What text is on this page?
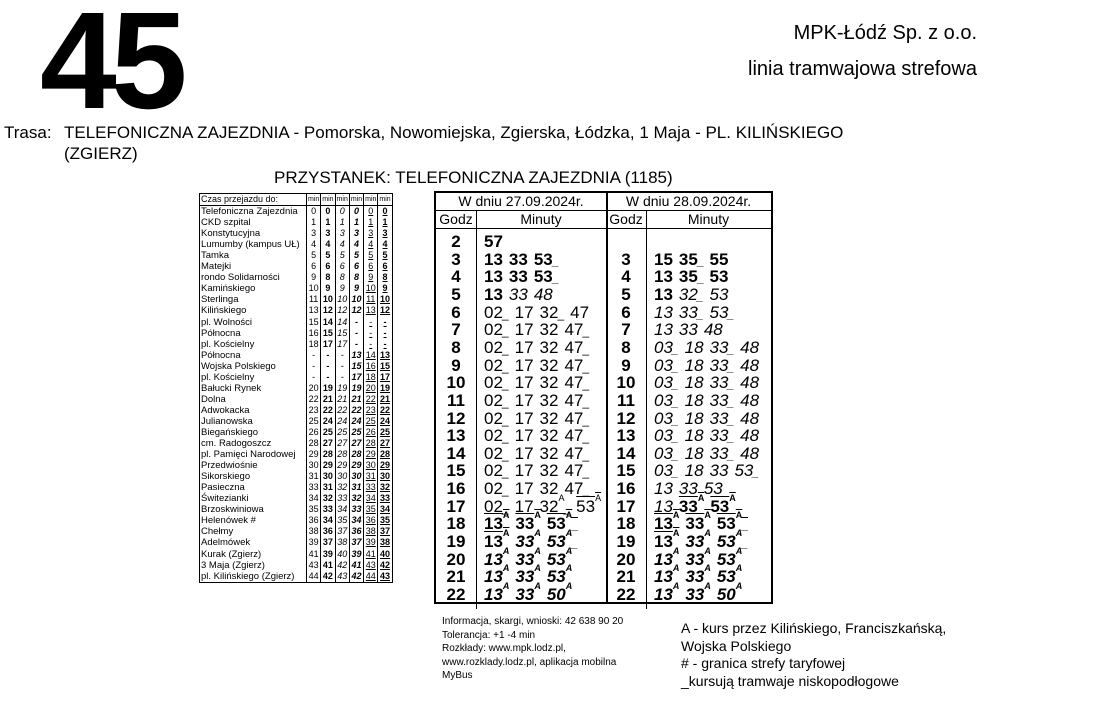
45	MPK-Łódź Sp. z o.o.
linia tramwajowa strefowa
Trasa: TELEFONICZNA ZAJEZDNIA - Pomorska, Nowomiejska, Zgierska, Łódzka, 1 Maja - PL. KILIŃSKIEGO
(ZGIERZ)
PRZYSTANEK: TELEFONICZNA ZAJEZDNIA (1185)
Czas przejazdu do:	min	min	min	min	min	min
Telefoniczna Zajezdnia	0	0	0	0	0	0
CKD szpital	1	1	1	1	1	1
Konstytucyjna	3	3	3	3	3	3
Lumumby (kampus UŁ)	4	4	4	4	4	4
Tamka	5	5	5	5	5	5
Matejki	6	6	6	6	6	6
rondo Solidarności	9	8	8	8	9	8
Kamińskiego	10	9	9	9	10	9
Sterlinga	11	10	10	10	11	10
Kilińskiego	13	12	12	12	13	12
pl. Wolności	15	14	14	-	-	-
Północna	16	15	15	-	-	-
pl. Kościelny	18	17	17	-	-	-
Północna	-	-	-	13	14	13
Wojska Polskiego	-	-	-	15	16	15
pl. Kościelny	-	-	-	17	18	17
Bałucki Rynek	20	19	19	19	20	19
Dolna	22	21	21	21	22	21
Adwokacka	23	22	22	22	23	22
Julianowska	25	24	24	24	25	24
Biegańskiego	26	25	25	25	26	25
cm. Radogoszcz	28	27	27	27	28	27
pl. Pamięci Narodowej	29	28	28	28	29	28
Przedwiośnie	30	29	29	29	30	29
Sikorskiego	31	30	30	30	31	30
Pasieczna	33	31	32	31	33	32
Świtezianki	34	32	33	32	34	33
Brzoskwiniowa	35	33	34	33	35	34
Helenówek #	36	34	35	34	36	35
Chełmy	38	36	37	36	38	37
Adelmówek	39	37	38	37	39	38
Kurak (Zgierz)	41	39	40	39	41	40
3 Maja (Zgierz)	43	41	42	41	43	42
pl. Kilińskiego (Zgierz)	44	42	43	42	44	43
W dniu 27.09.2024r.
Godz	Minuty
2	57
3	13 33 53 _
4	13 33 53 _
5	13 33 48
6	02 _ 17 32 _ 47
7	02 _ 17 32 47 _
8	02 _ 17 32 47 _
9	02 _ 17 32 47 _
10	02 _ 17 32 47 _
11	02 _ 17 32 47 _
12	02 _ 17 32 47 _
13	02 _ 17 32 47 _
14	02 _ 17 32 47 _
15	02 _ 17 32 47 _
16	02 _ 17 32 47 _
17	02 _ 17 $32^A$ _ $53^A$
18	$13^A$ $33^A$ $53^A$ _
19	$13^A$ $33^A$ $53^A$ _
20	$13^A$ $33^A$ $53^A$
21	$13^A$ $33^A$ $53^A$
22	$13^A$ $33^A$ $50^A$
W dniu 28.09.2024r.
Godz	Minuty
3	15 35 _ 55
4	13 35 _ 53
5	13 32 _ 53
6	13 33 _ 53 _
7	13 33 48
8	03 _ 18 33 _ 48
9	03 _ 18 33 _ 48
10	03 _ 18 33 _ 48
11	03 _ 18 33 _ 48
12	03 _ 18 33 _ 48
13	03 _ 18 33 _ 48
14	03 _ 18 33 _ 48
15	03 _ 18 33 53 _
16	13 33 53
17	13 $33^A$ $53^A$
18	$13^A$ $33^A$ $53^A$ _
19	$13^A$ $33^A$ $53^A$ _
20	$13^A$ $33^A$ $53^A$
21	$13^A$ $33^A$ $53^A$
22	$13^A$ $33^A$ $50^A$
Informacja, skargi, wnioski: 42 638 90 20
Tolerancja: +1 -4 min
Rozkłady: www.mpk.lodz.pl,
www.rozklady.lodz.pl, aplikacja mobilna
MyBus
A - kurs przez Kilińskiego, Franciszkańską,
Wojska Polskiego
# - granica strefy taryfowej
_kursują tramwaje niskopodłogowe
